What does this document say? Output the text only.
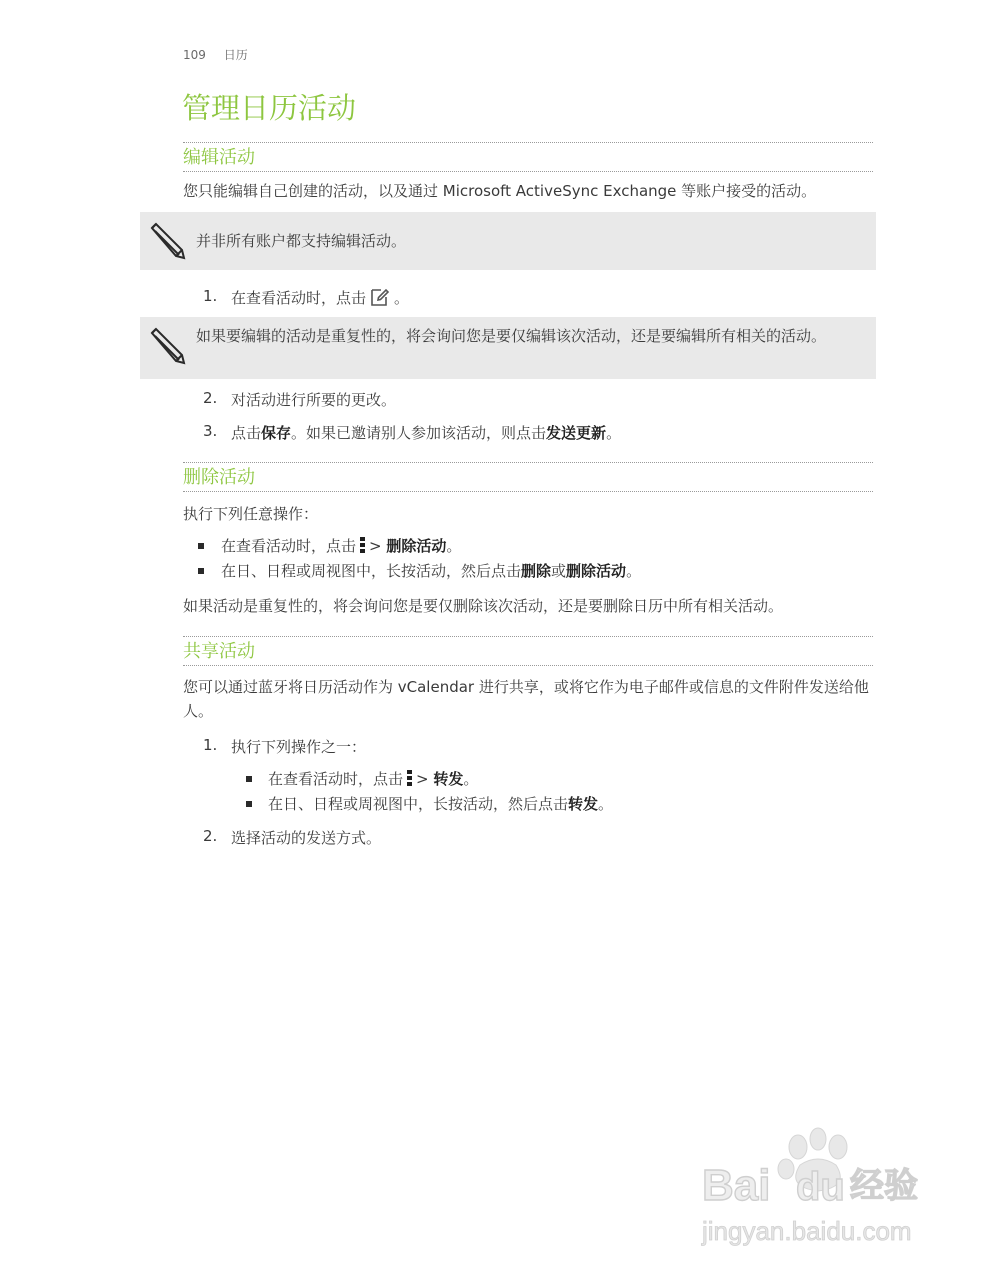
109 日历
管理日历活动
编辑活动
您只能编辑自己创建的活动，以及通过 Microsoft ActiveSync Exchange 等账户接受的活动。
并非所有账户都支持编辑活动。
1. 在查看活动时，点击 。
如果要编辑的活动是重复性的，将会询问您是要仅编辑该次活动，还是要编辑所有相关的活动。
2. 对活动进行所要的更改。
3. 点击保存。如果已邀请别人参加该活动，则点击发送更新。
删除活动
执行下列任意操作：
在查看活动时，点击 > 删除活动。
在日、日程或周视图中，长按活动，然后点击删除或删除活动。
如果活动是重复性的，将会询问您是要仅删除该次活动，还是要删除日历中所有相关活动。
共享活动
您可以通过蓝牙将日历活动作为 vCalendar 进行共享，或将它作为电子邮件或信息的文件附件发送给他人。
1. 执行下列操作之一：
在查看活动时，点击 > 转发。
在日、日程或周视图中，长按活动，然后点击转发。
2. 选择活动的发送方式。
Bai du 经验
jingyan.baidu.com
